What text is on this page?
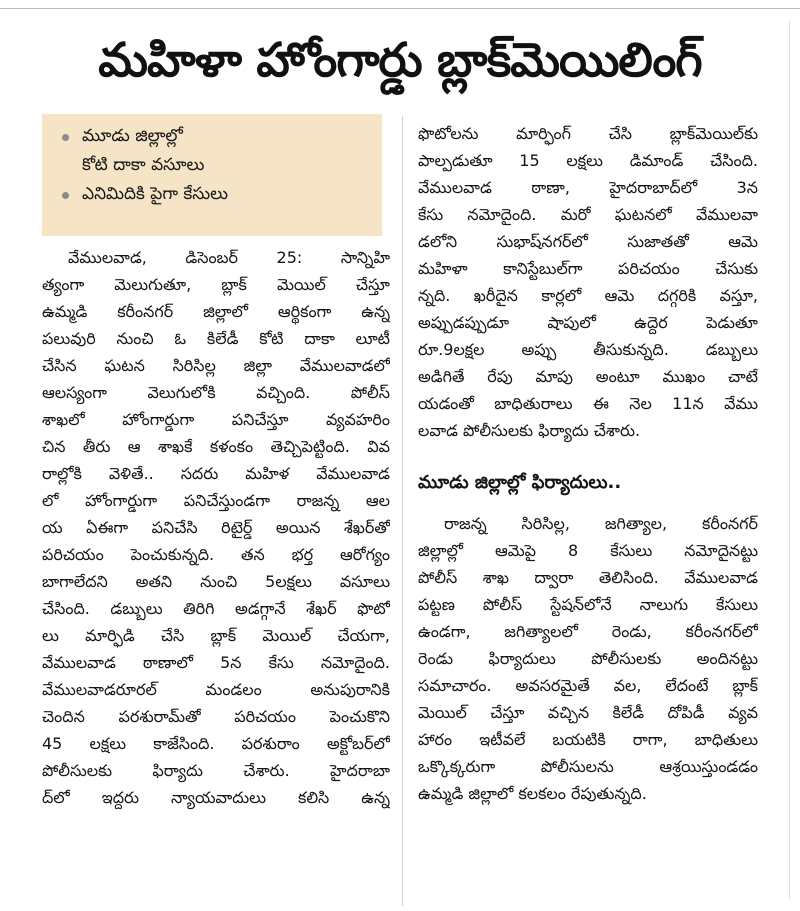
మహిళా హోంగార్డు బ్లాక్‌మెయిలింగ్
మూడు జిల్లాల్లో
కోటి దాకా వసూలు
ఎనిమిదికి పైగా కేసులు
వేములవాడ, డిసెంబర్ 25: సాన్నిహి
త్యంగా మెలుగుతూ, బ్లాక్ మెయిల్ చేస్తూ
ఉమ్మడి కరీంనగర్ జిల్లాలో ఆర్థికంగా ఉన్న
పలువురి నుంచి ఓ కిలేడీ కోటి దాకా లూటీ
చేసిన ఘటన సిరిసిల్ల జిల్లా వేములవాడలో
ఆలస్యంగా వెలుగులోకి వచ్చింది. పోలీస్
శాఖలో హోంగార్డుగా పనిచేస్తూ వ్యవహరిం
చిన తీరు ఆ శాఖకే కళంకం తెచ్చిపెట్టింది. వివ
రాల్లోకి వెళితే.. సదరు మహిళ వేములవాడ
లో హోంగార్డుగా పనిచేస్తుండగా రాజన్న ఆల
య ఏఈగా పనిచేసి రిటైర్డ్ అయిన శేఖర్‌తో
పరిచయం పెంచుకున్నది. తన భర్త ఆరోగ్యం
బాగాలేదని అతని నుంచి 5లక్షలు వసూలు
చేసింది. డబ్బులు తిరిగి అడగ్గానే శేఖర్ ఫొటో
లు మార్ఫిడి చేసి బ్లాక్ మెయిల్ చేయగా,
వేములవాడ ఠాణాలో 5న కేసు నమోదైంది.
వేములవాడరూరల్ మండలం అనుపురానికి
చెందిన పరశురామ్‌తో పరిచయం పెంచుకొని
45 లక్షలు కాజేసింది. పరశురాం అక్టోబర్‌లో
పోలీసులకు ఫిర్యాదు చేశారు. హైదరాబా
ద్‌లో ఇద్దరు న్యాయవాదులు కలిసి ఉన్న
ఫొటోలను మార్ఫింగ్ చేసి బ్లాక్‌మెయిల్‌కు
పాల్పడుతూ 15 లక్షలు డిమాండ్ చేసింది.
వేములవాడ ఠాణా, హైదరాబాద్‌లో 3న
కేసు నమోదైంది. మరో ఘటనలో వేములవా
డలోని సుభాష్‌నగర్‌లో సుజాతతో ఆమె
మహిళా కానిస్టేబుల్‌గా పరిచయం చేసుకు
న్నది. ఖరీదైన కార్లలో ఆమె దగ్గరికి వస్తూ,
అప్పుడప్పుడూ షాపులో ఉద్దెర పెడుతూ
రూ.9లక్షల అప్పు తీసుకున్నది. డబ్బులు
అడిగితే రేపు మాపు అంటూ ముఖం చాటే
యడంతో బాధితురాలు ఈ నెల 11న వేము
లవాడ పోలీసులకు ఫిర్యాదు చేశారు.
మూడు జిల్లాల్లో ఫిర్యాదులు..
రాజన్న సిరిసిల్ల, జగిత్యాల, కరీంనగర్
జిల్లాల్లో ఆమెపై 8 కేసులు నమోదైనట్టు
పోలీస్ శాఖ ద్వారా తెలిసింది. వేములవాడ
పట్టణ పోలీస్ స్టేషన్‌లోనే నాలుగు కేసులు
ఉండగా, జగిత్యాలలో రెండు, కరీంనగర్‌లో
రెండు ఫిర్యాదులు పోలీసులకు అందినట్టు
సమాచారం. అవసరమైతే వల, లేదంటే బ్లాక్
మెయిల్ చేస్తూ వచ్చిన కిలేడీ దోపిడీ వ్యవ
హారం ఇటీవలే బయటికి రాగా, బాధితులు
ఒక్కొక్కరుగా పోలీసులను ఆశ్రయిస్తుండడం
ఉమ్మడి జిల్లాలో కలకలం రేపుతున్నది.
